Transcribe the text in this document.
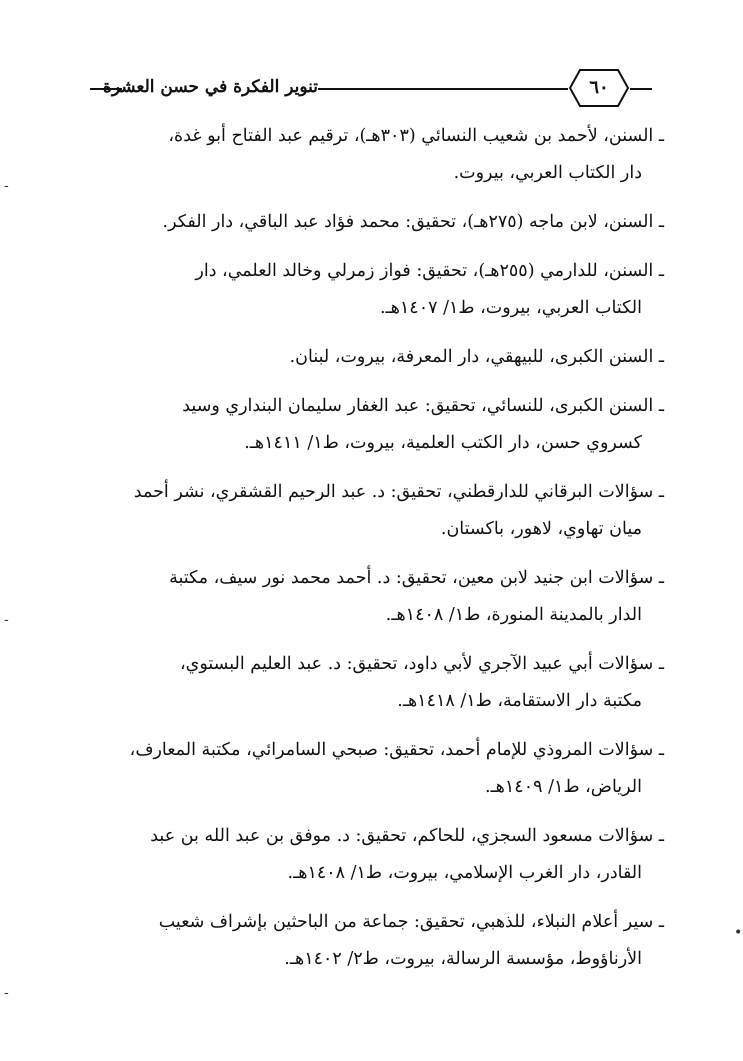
تنوير الفكرة في حسن العشرة	٦٠
ـ السنن، لأحمد بن شعيب النسائي (٣٠٣هـ)، ترقيم عبد الفتاح أبو غدة،
دار الكتاب العربي، بيروت.
ـ السنن، لابن ماجه (٢٧٥هـ)، تحقيق: محمد فؤاد عبد الباقي، دار الفكر.
ـ السنن، للدارمي (٢٥٥هـ)، تحقيق: فواز زمرلي وخالد العلمي، دار
الكتاب العربي، بيروت، ط١/ ١٤٠٧هـ.
ـ السنن الكبرى، للبيهقي، دار المعرفة، بيروت، لبنان.
ـ السنن الكبرى، للنسائي، تحقيق: عبد الغفار سليمان البنداري وسيد
كسروي حسن، دار الكتب العلمية، بيروت، ط١/ ١٤١١هـ.
ـ سؤالات البرقاني للدارقطني، تحقيق: د. عبد الرحيم القشقري، نشر أحمد
ميان تهاوي، لاهور، باكستان.
ـ سؤالات ابن جنيد لابن معين، تحقيق: د. أحمد محمد نور سيف، مكتبة
الدار بالمدينة المنورة، ط١/ ١٤٠٨هـ.
ـ سؤالات أبي عبيد الآجري لأبي داود، تحقيق: د. عبد العليم البستوي،
مكتبة دار الاستقامة، ط١/ ١٤١٨هـ.
ـ سؤالات المروذي للإمام أحمد، تحقيق: صبحي السامرائي، مكتبة المعارف،
الرياض، ط١/ ١٤٠٩هـ.
ـ سؤالات مسعود السجزي، للحاكم، تحقيق: د. موفق بن عبد الله بن عبد
القادر، دار الغرب الإسلامي، بيروت، ط١/ ١٤٠٨هـ.
ـ سير أعلام النبلاء، للذهبي، تحقيق: جماعة من الباحثين بإشراف شعيب
الأرناؤوط، مؤسسة الرسالة، بيروت، ط٢/ ١٤٠٢هـ.
-
-
•
-
